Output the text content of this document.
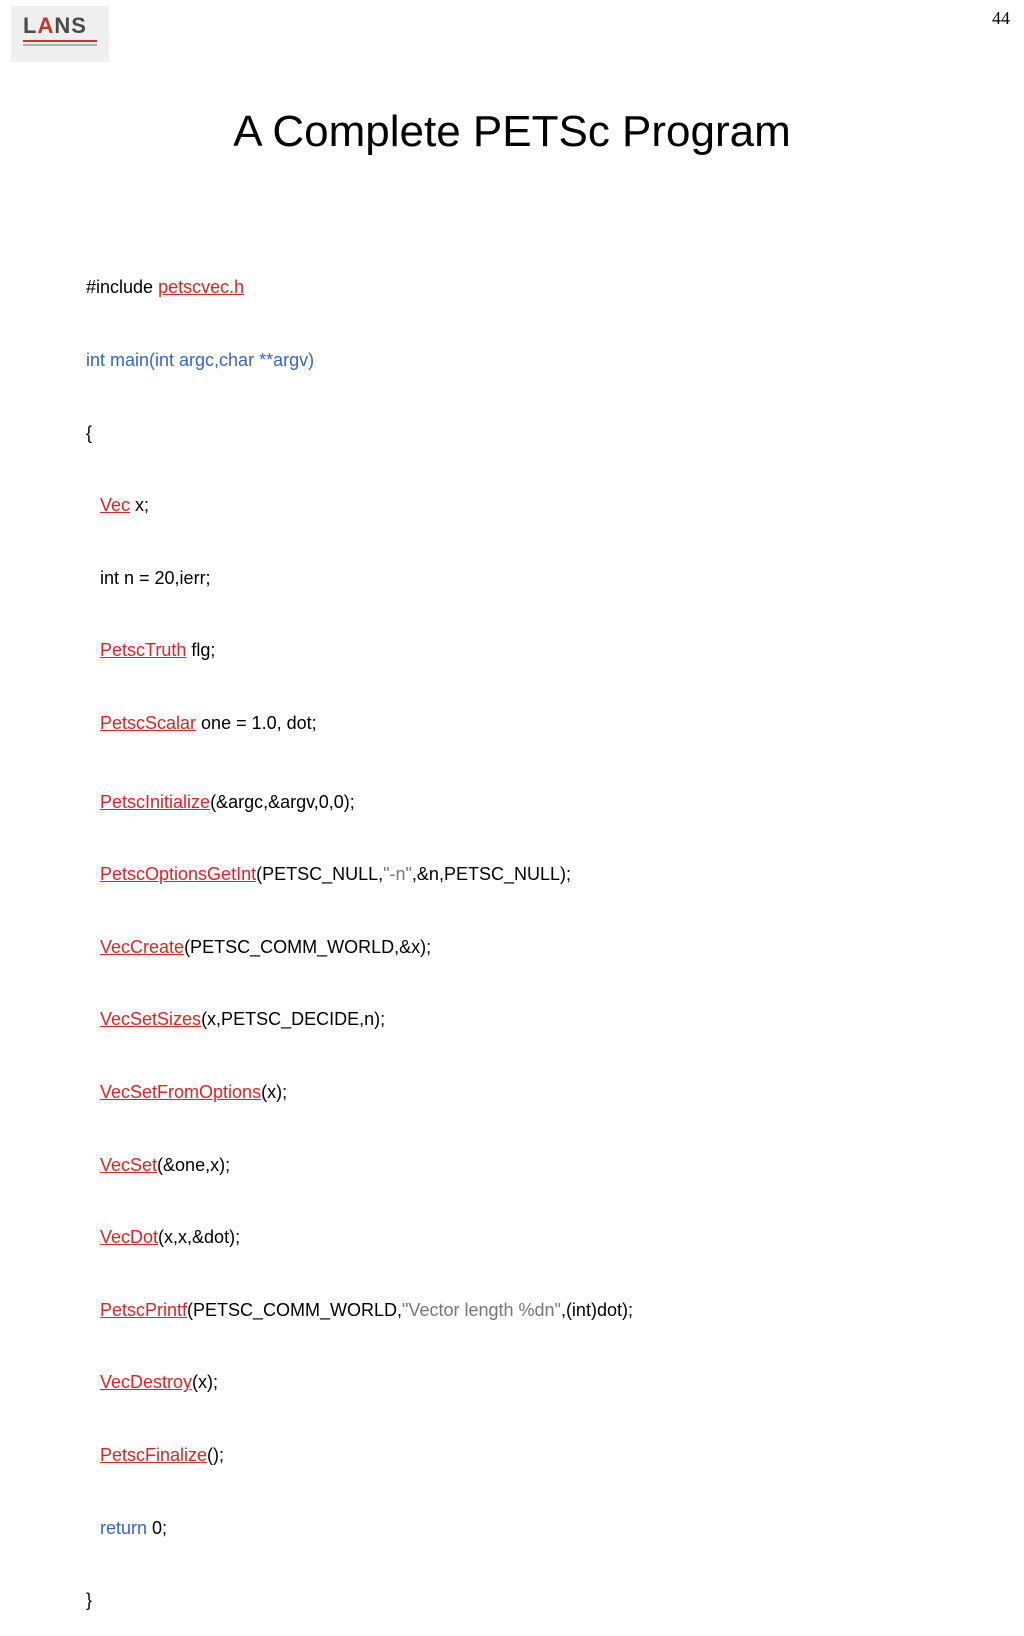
LANS	44
A Complete PETSc Program

#include petscvec.h

int main(int argc,char **argv)

{

Vec x;

int n = 20,ierr;

PetscTruth flg;

PetscScalar one = 1.0, dot;

PetscInitialize(&argc,&argv,0,0);

PetscOptionsGetInt(PETSC_NULL,"-n",&n,PETSC_NULL);

VecCreate(PETSC_COMM_WORLD,&x);

VecSetSizes(x,PETSC_DECIDE,n);

VecSetFromOptions(x);

VecSet(&one,x);

VecDot(x,x,&dot);

PetscPrintf(PETSC_COMM_WORLD,"Vector length %dn",(int)dot);

VecDestroy(x);

PetscFinalize();

return 0;

}
